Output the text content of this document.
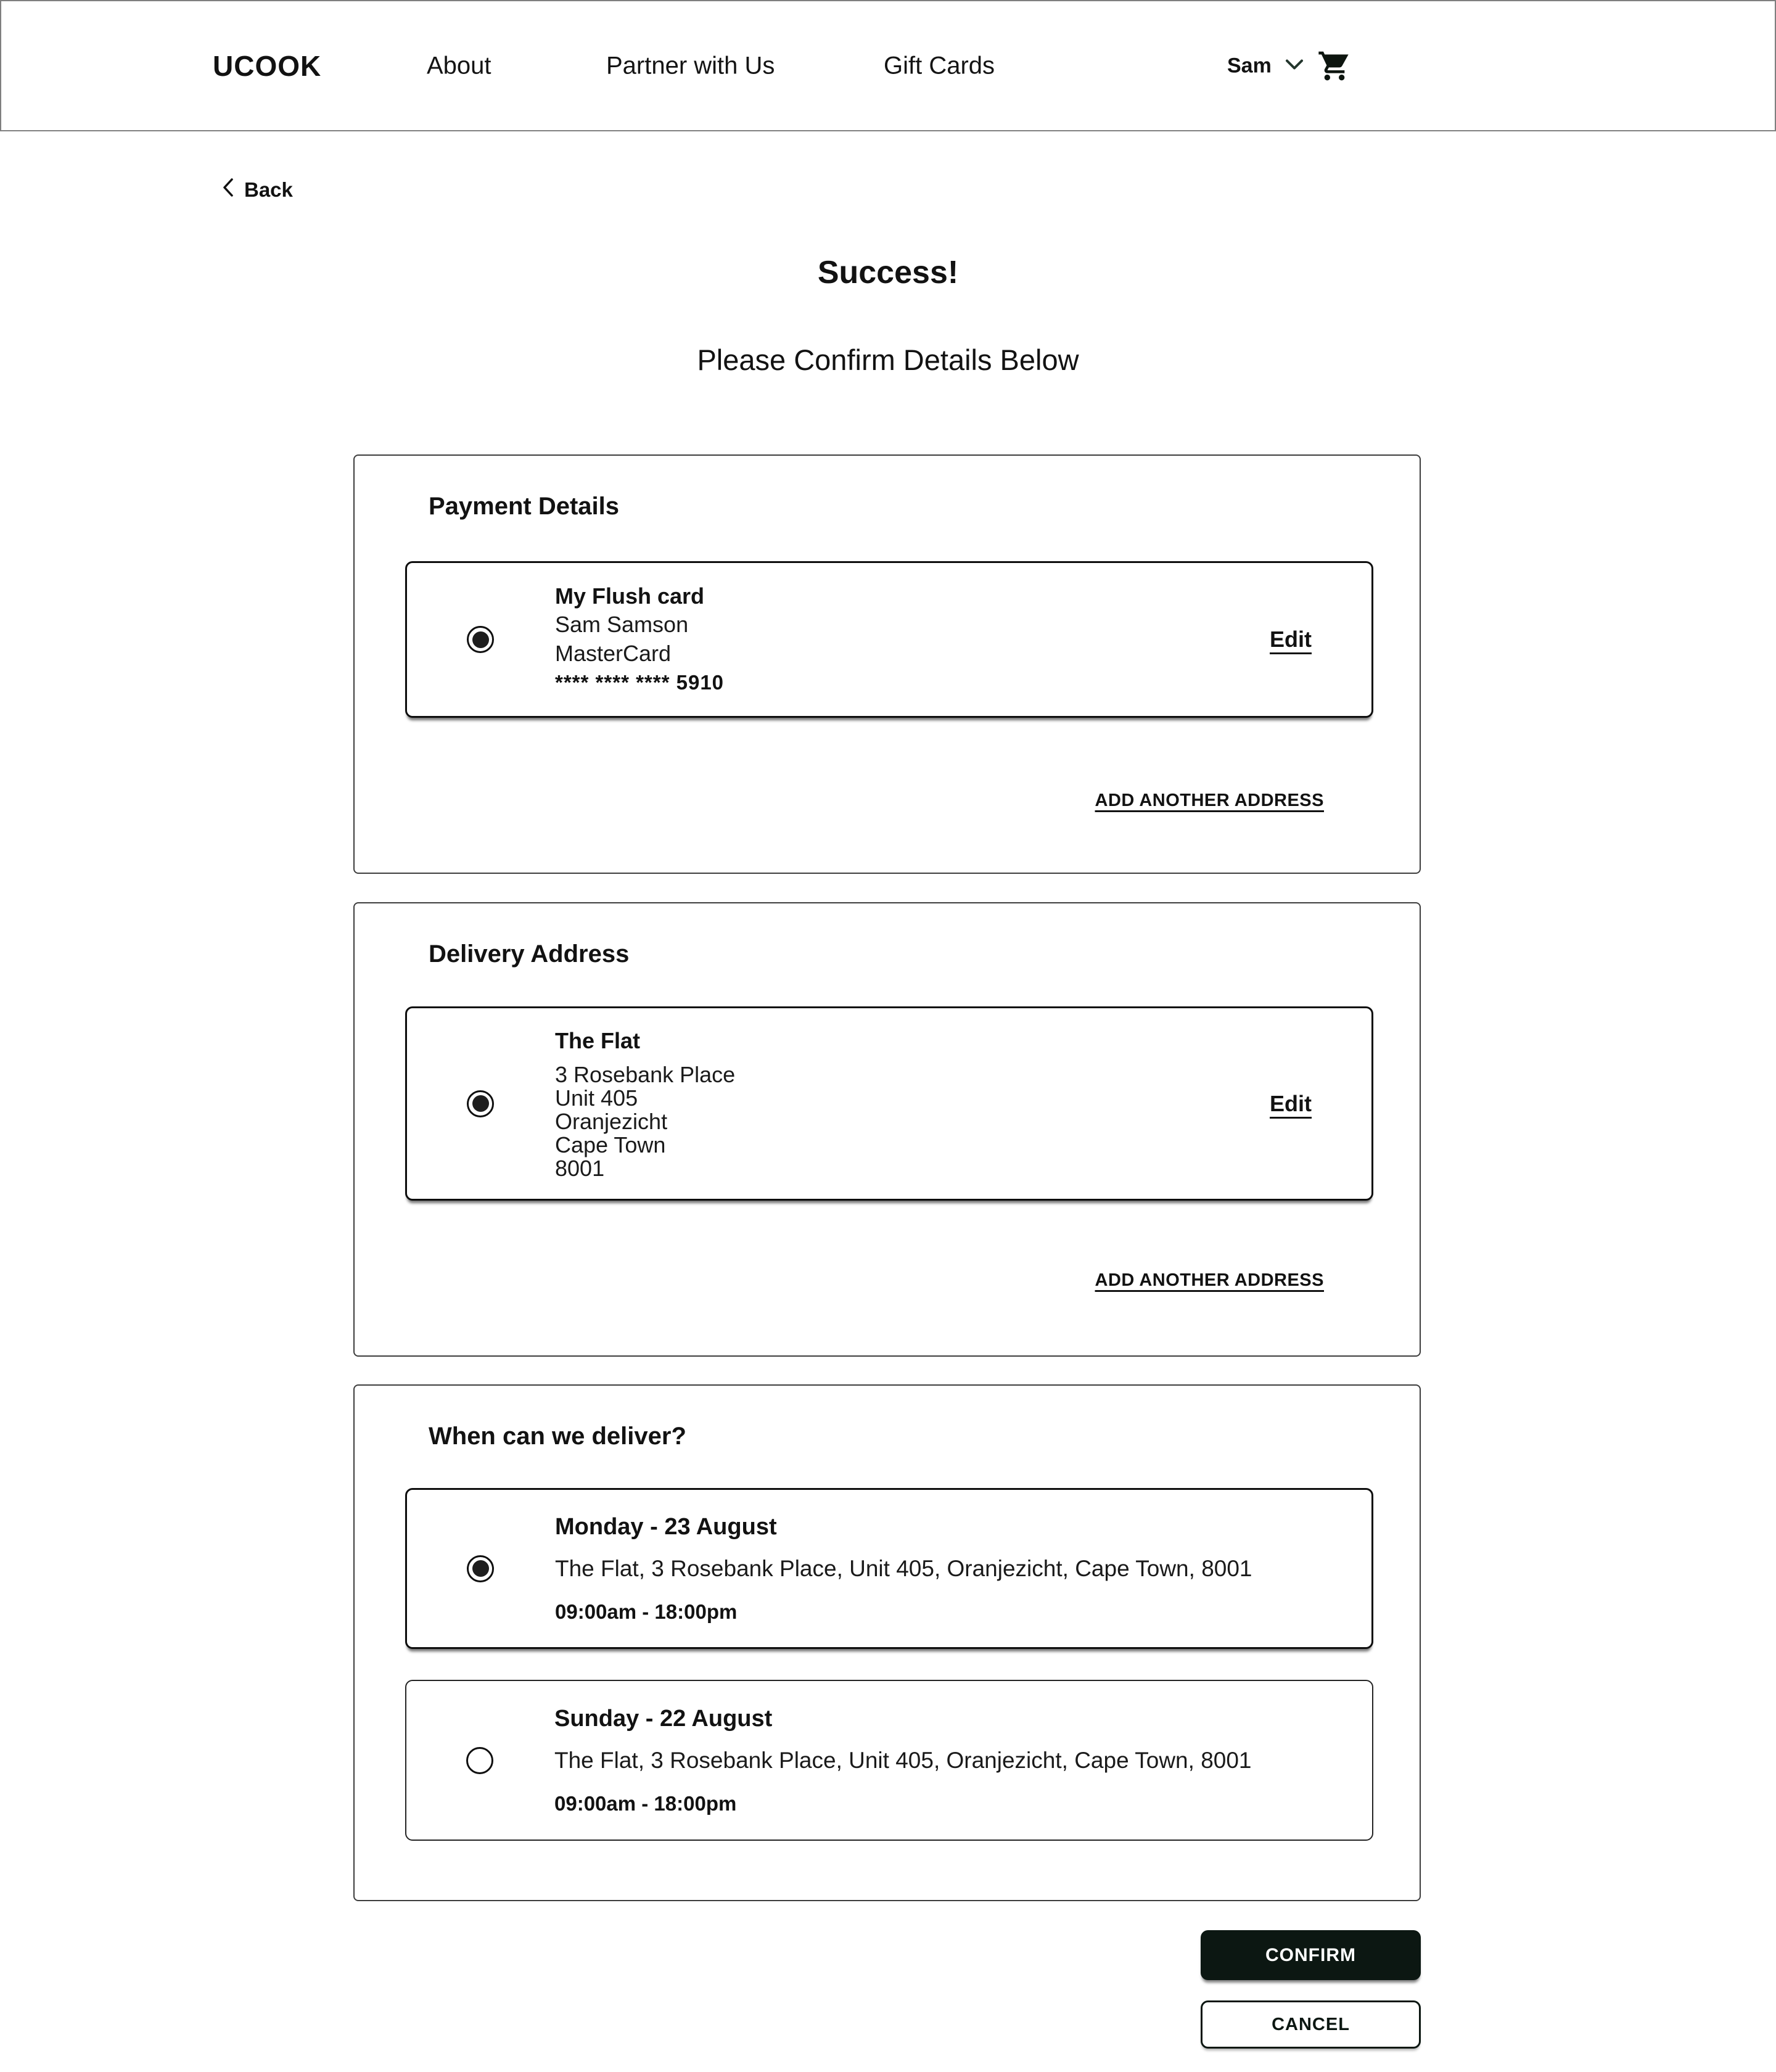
UCOOK	About	Partner with Us	Gift Cards	Sam
Back
Success!
Please Confirm Details Below
Payment Details
My Flush card
Sam Samson
MasterCard
**** **** **** 5910
Edit
ADD ANOTHER ADDRESS
Delivery Address
The Flat
3 Rosebank Place
Unit 405
Oranjezicht
Cape Town
8001
Edit
ADD ANOTHER ADDRESS
When can we deliver?
Monday - 23 August
The Flat, 3 Rosebank Place, Unit 405, Oranjezicht, Cape Town, 8001
09:00am - 18:00pm
Sunday - 22 August
The Flat, 3 Rosebank Place, Unit 405, Oranjezicht, Cape Town, 8001
09:00am - 18:00pm
CONFIRM
CANCEL
